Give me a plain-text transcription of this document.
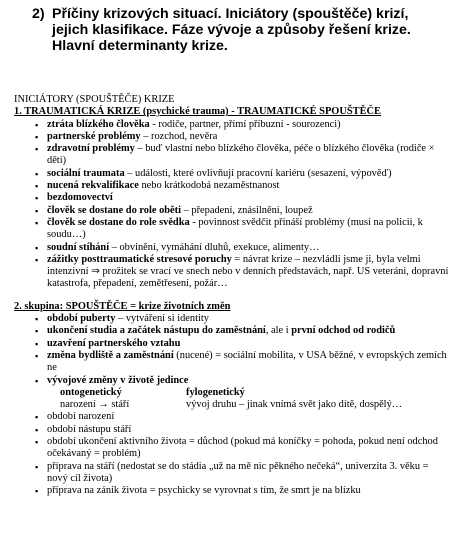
2) Příčiny krizových situací. Iniciátory (spouštěče) krizí, jejich klasifikace. Fáze vývoje a způsoby řešení krize. Hlavní determinanty krize.
INICIÁTORY (SPOUŠTĚČE) KRIZE
1. TRAUMATICKÁ KRIZE (psychické trauma) - TRAUMATICKÉ SPOUŠTĚČE
▪ ztráta blízkého člověka - rodiče, partner, přímí příbuzní - sourozenci)
▪ partnerské problémy – rozchod, nevěra
▪ zdravotní problémy – buď vlastní nebo blízkého člověka, péče o blízkého člověka (rodiče × děti)
▪ sociální traumata – události, které ovlivňují pracovní kariéru (sesazení, výpověď)
▪ nucená rekvalifikace nebo krátkodobá nezaměstnanost
▪ bezdomovectví
▪ člověk se dostane do role oběti – přepadení, znásilnění, loupež
▪ člověk se dostane do role svědka - povinnost svědčit přináší problémy (musí na policii, k soudu…)
▪ soudní stíhání – obvinění, vymáhání dluhů, exekuce, alimenty…
▪ zážitky posttraumatické stresové poruchy = návrat krize – nezvládli jsme ji, byla velmi intenzivní ⇒ prožitek se vrací ve snech nebo v denních představách, např. US veteráni, dopravní katastrofa, přepadení, zemětřesení, požár…
2. skupina: SPOUŠTĚČE = krize životních změn
▪ období puberty – vytváření si identity
▪ ukončení studia a začátek nástupu do zaměstnání, ale i první odchod od rodičů
▪ uzavření partnerského vztahu
▪ změna bydliště a zaměstnání (nucené) = sociální mobilita, v USA běžné, v evropských zemích ne
▪ vývojové změny v životě jedince
ontogenetický	fylogenetický
narození → stáří	vývoj druhu – jinak vnímá svět jako dítě, dospělý…
▪ období narození
▪ období nástupu stáří
▪ období ukončení aktivního života = důchod (pokud má koníčky = pohoda, pokud není odchod očekávaný = problém)
▪ příprava na stáří (nedostat se do stádia „už na mě nic pěkného nečeká“, univerzita 3. věku = nový cíl života)
▪ příprava na zánik života = psychicky se vyrovnat s tím, že smrt je na blízku
